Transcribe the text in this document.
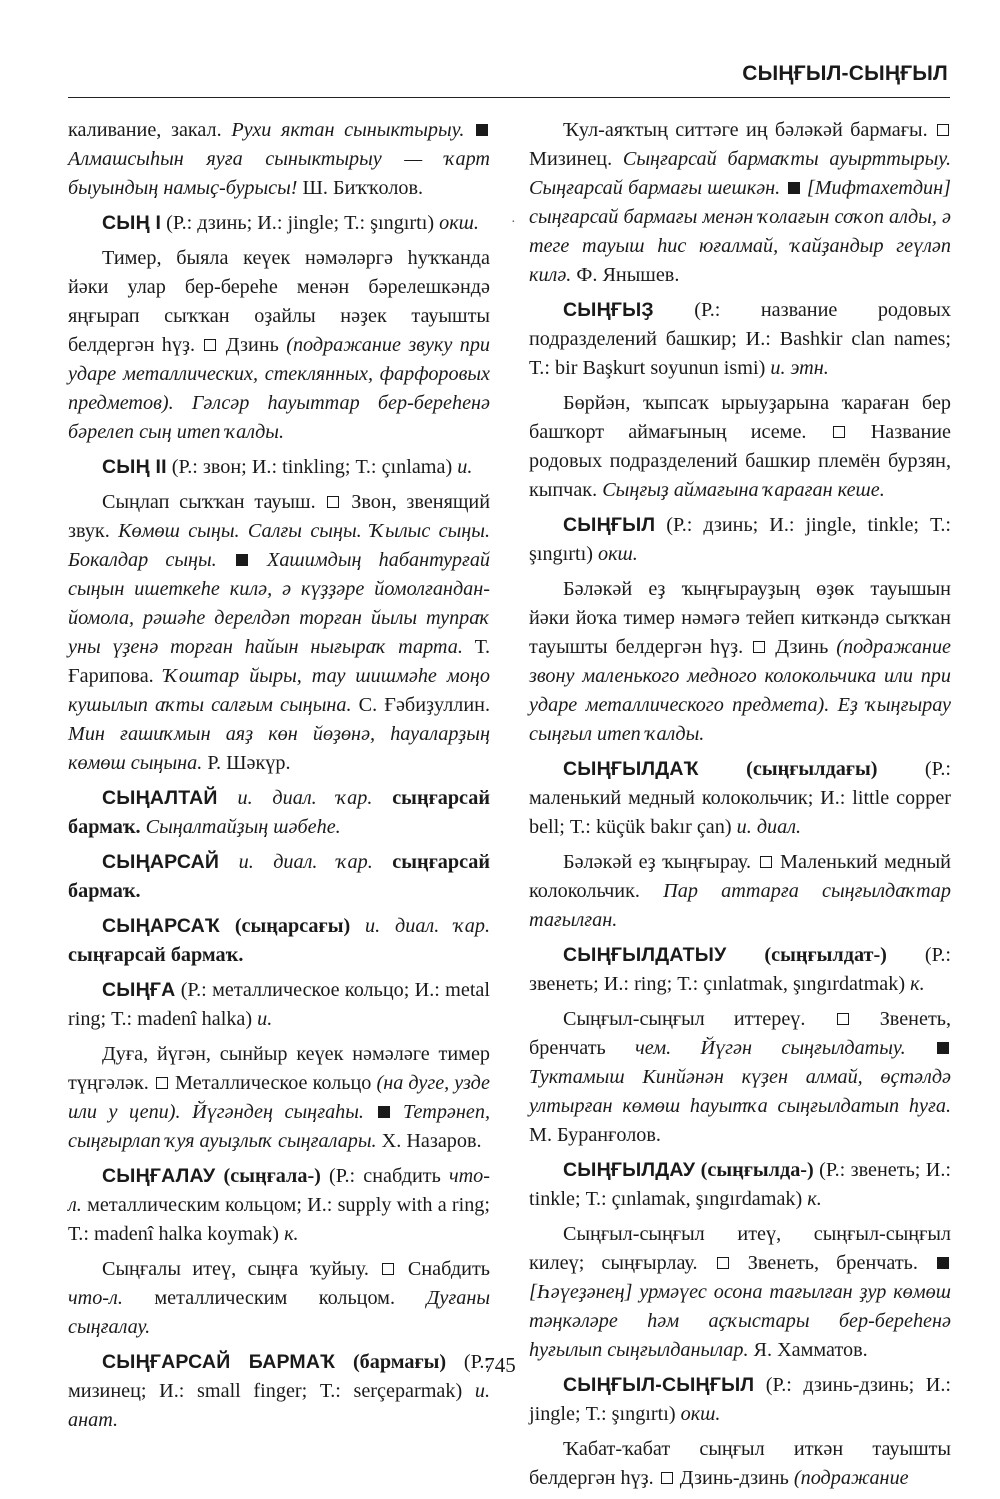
СЫҢҒЫЛ-СЫҢҒЫЛ
·

каливание, закал. Рухи яктан сыныктырыу.  Алмашсыһын яуға сыныктырыу — ҡарт быуындың намыҫ-бурысы! Ш. Биҡҡолов.

СЫҢ I (Р.: дзинь; И.: jingle; Т.: şıngırtı) окш.

Тимер, быяла кеүек нәмәләргә һуҡҡанда йәки улар бер-береһе менән бәрелешкәндә яңғырап сыҡҡан оҙайлы нәҙек тауышты белдергән һүҙ. Дзинь (подражание звуку при ударе металлических, стеклянных, фарфоровых предметов). Гәлсәр һауыттар бер-береһенә бәрелеп сың итеп ҡалды.

СЫҢ II (Р.: звон; И.: tinkling; Т.: çınlama) и.

Сыңлап сыҡҡан тауыш. Звон, звенящий звук. Көмөш сыңы. Салғы сыңы. Ҡылыс сыңы. Бокалдар сыңы. Хашимдың һабантурғай сыңын ишеткеһе килә, ә күҙҙәре йомолғандан-йомола, рәшәһе дерелдәп торған йылы тупраҡ уны үҙенә торған һайын нығыраҡ тарта. Т. Ғарипова. Ҡоштар йыры, тау шишмәһе моңо кушылып аҡты салғым сыңына. С. Ғәбиҙуллин. Мин ғашиҡмын аяҙ көн йөҙөнә, һауаларҙың көмөш сыңына. Р. Шәкүр.

СЫҢАЛТАЙ и. диал. ҡар. сыңғарсай бармаҡ. Сыңалтайҙың шәбеһе.

СЫҢАРСАЙ и. диал. ҡар. сыңғарсай бармаҡ.

СЫҢАРСАҠ (сыңарсағы) и. диал. ҡар. сыңғарсай бармаҡ.

СЫҢҒА (Р.: металлическое кольцо; И.: metal ring; Т.: madenî halka) и.

Дуға, йүгән, сынйыр кеүек нәмәләге тимер түңгәләк. Металлическое кольцо (на дуге, узде или у цепи). Йүгәндең сыңғаһы. Тетрәнеп, сыңғырлап ҡуя ауыҙлыҡ сыңғалары. Х. Назаров.

СЫҢҒАЛАУ (сыңғала-) (Р.: снабдить что-л. металлическим кольцом; И.: supply with a ring; Т.: madenî halka koymak) к.

Сыңғалы итеү, сыңға ҡуйыу. Снабдить что-л. металлическим кольцом. Дуғаны сыңғалау.

СЫҢҒАРСАЙ БАРМАҠ (бармағы) (Р.: мизинец; И.: small finger; Т.: serçeparmak) и. анат.

Ҡул-аяҡтың ситтәге иң бәләкәй бармағы.  Мизинец. Сыңғарсай бармаҡты ауырттырыу. Сыңғарсай бармағы шешкән. [Мифтахетдин] сыңғарсай бармағы менән ҡолағын соҡоп алды, ә теге тауыш һис юғалмай, ҡайҙандыр геүләп килә. Ф. Янышев.

СЫҢҒЫҘ (Р.: название родовых подразделений башкир; И.: Bashkir clan names; Т.: bir Başkurt soyunun ismi) и. этн.

Бөрйән, ҡыпсаҡ ырыуҙарына ҡараған бер башҡорт аймағының исеме.	Название родовых подразделений башкир племён бурзян, кыпчак. Сыңғыҙ аймағына ҡараған кеше.

СЫҢҒЫЛ (Р.: дзинь; И.: jingle, tinkle; Т.: şıngırtı) окш.

Бәләкәй еҙ ҡыңғырауҙың өҙөк тауышын йәки йоҡа тимер нәмәгә тейеп киткәндә сыҡҡан тауышты белдергән һүҙ. Дзинь (подражание звону маленького медного колокольчика или при ударе металлического предмета). Еҙ ҡыңғырау сыңғыл итеп ҡалды.

СЫҢҒЫЛДАҠ (сыңғылдағы) (Р.: маленький медный колокольчик; И.: little copper bell; Т.: küçük bakır çan) и. диал.

Бәләкәй еҙ ҡыңғырау. Маленький медный колокольчик. Пар аттарға сыңғылдаҡтар тағылған.

СЫҢҒЫЛДАТЫУ (сыңғылдат-) (Р.: звенеть; И.: ring; Т.: çınlatmak, şıngırdatmak) к.

Сыңғыл-сыңғыл иттереү.	Звенеть, бренчать чем. Йүгән сыңғылдатыу.  Туктамыш Кинйәнән күҙен алмай, өҫтәлдә ултырған көмөш һауытҡа сыңғылдатып һуға. М. Буранғолов.

СЫҢҒЫЛДАУ (сыңғылда-) (Р.: звенеть; И.: tinkle; Т.: çınlamak, şıngırdamak) к.

Сыңғыл-сыңғыл итеү, сыңғыл-сыңғыл килеү; сыңғырлау. Звенеть, бренчать.  [Һәүеҙәнең] урмәүес осона тағылған ҙур көмөш тәңкәләре һәм аҫҡыстары бер-береһенә һуғылып сыңғылданылар. Я. Хамматов.

СЫҢҒЫЛ-СЫҢҒЫЛ (Р.: дзинь-дзинь; И.: jingle; Т.: şıngırtı) окш.

Ҡабат-ҡабат сыңғыл иткән тауышты белдергән һүҙ. Дзинь-дзинь (подражание

745
